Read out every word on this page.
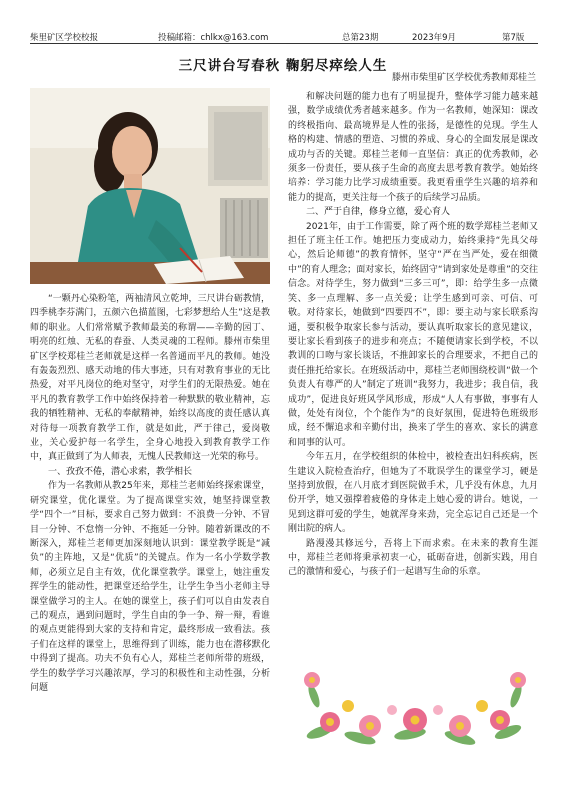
柴里矿区学校校报	投稿邮箱：chlkx@163.com	总第23期	2023年9月	第7版
三尺讲台写春秋 鞠躬尽瘁绘人生
滕州市柴里矿区学校优秀教师郑桂兰

“一颗丹心染粉笔，两袖清风立乾坤，三尺讲台砺教情，四季桃李芬满门，五颜六色描蓝图，七彩梦想给人生”这是教师的职业。人们常常赋予教师最美的称谓——辛勤的园丁、明亮的红烛、无私的春蚕、人类灵魂的工程师。滕州市柴里矿区学校郑桂兰老师就是这样一名普通而平凡的教师。她没有轰轰烈烈、感天动地的伟大事迹，只有对教育事业的无比热爱，对平凡岗位的绝对坚守，对学生们的无限热爱。她在平凡的教育教学工作中始终保持着一种默默的敬业精神，忘我的牺牲精神、无私的奉献精神，始终以高度的责任感认真对待每一项教育教学工作，就是如此，严于律己，爱岗敬业，关心爱护每一名学生，全身心地投入到教育教学工作中，真正做到了为人师表，无愧人民教师这一光荣的称号。

一、孜孜不倦，潜心求索，教学相长

作为一名教师从教25年来，郑桂兰老师始终探索课堂，研究课堂，优化课堂。为了提高课堂实效，她坚持课堂教学“四个一”目标，要求自己努力做到：不浪费一分钟、不冒目一分钟、不怠惰一分钟、不拖延一分钟。随着新课改的不断深入，郑桂兰老师更加深刻地认识到：课堂教学既是“减负”的主阵地，又是“优质”的关键点。作为一名小学数学教师，必须立足自主有效，优化课堂教学。课堂上，她注重发挥学生的能动性，把课堂还给学生，让学生争当小老师主导课堂做学习的主人。在她的课堂上，孩子们可以自由发表自己的观点，遇到问题时，学生自由的争一争、辩一辩，看谁的观点更能得到大家的支持和肯定，最终形成一致看法。孩子们在这样的课堂上，思维得到了训练，能力也在潜移默化中得到了提高。功夫不负有心人，郑桂兰老师所带的班级，学生的数学学习兴趣浓厚，学习的积极性和主动性强，分析问题

和解决问题的能力也有了明显提升，整体学习能力越来越强，数学成绩优秀者越来越多。作为一名教师，她深知：课改的终极指向、最高境界是人性的张扬，是德性的兑现。学生人格的构建、情感的塑造、习惯的养成、身心的全面发展是课改成功与否的关键。郑桂兰老师一直坚信：真正的优秀教师，必须多一份责任，要从孩子生命的高度去思考教育教学。她始终培养：学习能力比学习成绩重要。我更看重学生兴趣的培养和能力的提高，更关注每一个孩子的后续学习品质。

二、严于自律，修身立德，爱心育人

2021年，由于工作需要，除了两个班的数学郑桂兰老师又担任了班主任工作。她把压力变成动力，始终秉持“先具父母心，然后论师德”的教育情怀，坚守“严在当严处，爱在细微中”的育人理念；面对家长，始终固守“请到家处是尊重”的交往信念。对待学生，努力做到“三多三可”，即：给学生多一点微笑、多一点理解、多一点关爱；让学生感到可亲、可信、可敬。对待家长，她做到“四要四不”，即：要主动与家长联系沟通，要积极争取家长参与活动，要认真听取家长的意见建议，要让家长看到孩子的进步和亮点；不随便请家长到学校，不以教训的口吻与家长谈话，不推卸家长的合理要求，不把自己的责任推托给家长。在班级活动中，郑桂兰老师围绕校训“做一个负责人有尊严的人”制定了班训“我努力，我进步；我自信，我成功”，促进良好班风学风形成，形成“人人有事做，事事有人做，处处有岗位，个个能作为”的良好氛围，促进特色班级形成，经不懈追求和辛勤付出，换来了学生的喜欢、家长的满意和同事的认可。

今年五月，在学校组织的体检中，被检查出妇科疾病，医生建议入院检查治疗，但她为了不耽误学生的课堂学习，硬是坚持到放假，在八月底才到医院做手术，几乎没有休息，九月份开学，她又强撑着疲倦的身体走上她心爱的讲台。她说，一见到这群可爱的学生，她就浑身来劲，完全忘记自己还是一个刚出院的病人。

路漫漫其修远兮，吾将上下而求索。在未来的教育生涯中，郑桂兰老师将秉承初衷一心，砥砺奋进，创新实践，用自己的激情和爱心，与孩子们一起谱写生命的乐章。
